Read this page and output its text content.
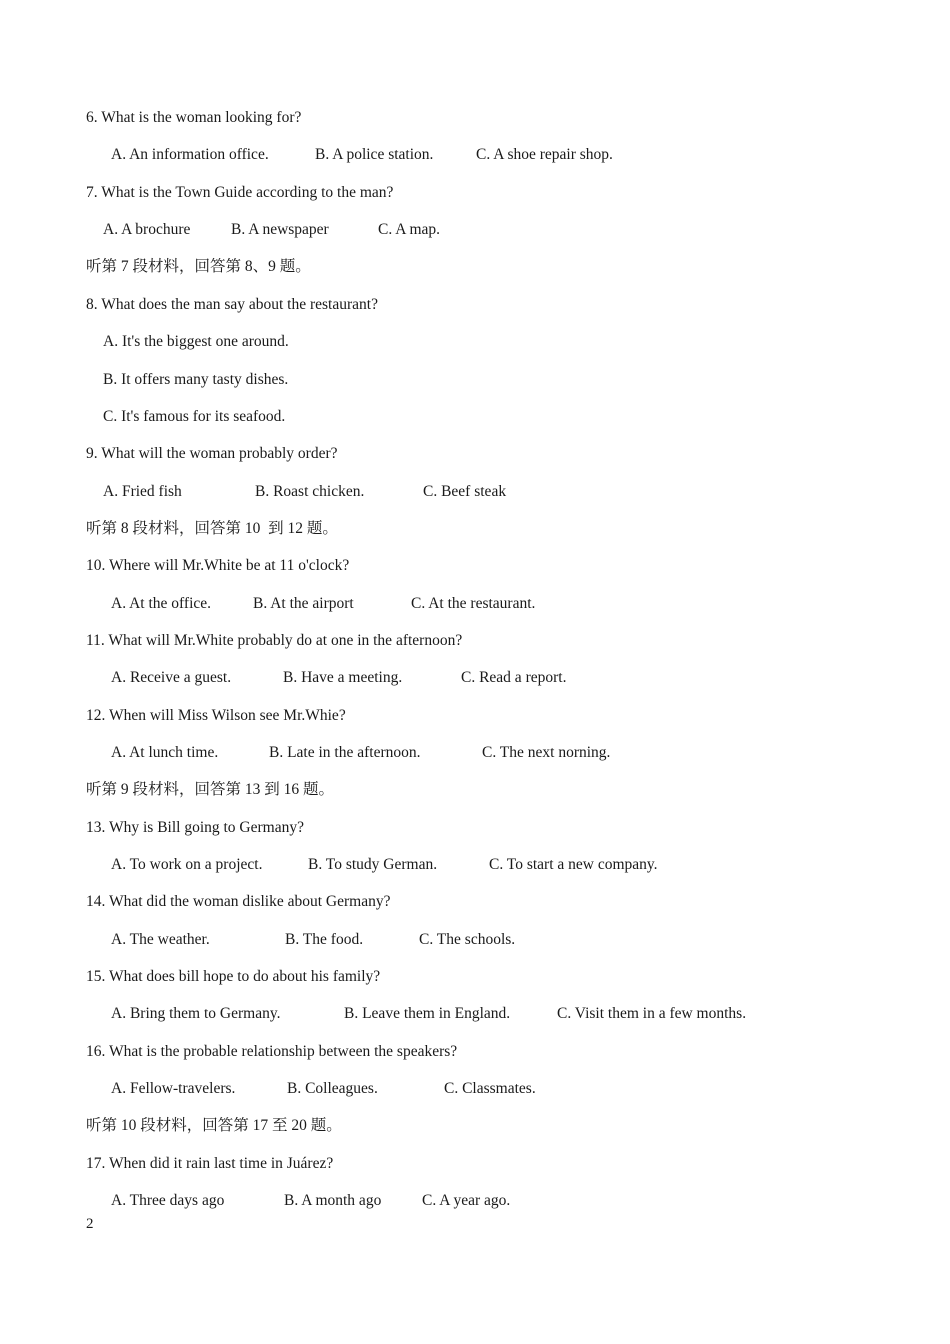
6. What is the woman looking for?
A. An information office.	B. A police station.	C. A shoe repair shop.
7. What is the Town Guide according to the man?
A. A brochure	B. A newspaper	C. A map.
听第 7 段材料，回答第 8、9 题。
8. What does the man say about the restaurant?
A. It's the biggest one around.
B. It offers many tasty dishes.
C. It's famous for its seafood.
9. What will the woman probably order?
A. Fried fish	B. Roast chicken.	C. Beef steak
听第 8 段材料，回答第 10  到 12 题。
10. Where will Mr.White be at 11 o'clock?
A. At the office.	B. At the airport	C. At the restaurant.
11. What will Mr.White probably do at one in the afternoon?
A. Receive a guest.	B. Have a meeting.	C. Read a report.
12. When will Miss Wilson see Mr.Whie?
A. At lunch time.	B. Late in the afternoon.	C. The next norning.
听第 9 段材料，回答第 13 到 16 题。
13. Why is Bill going to Germany?
A. To work on a project.	B. To study German.	C. To start a new company.
14. What did the woman dislike about Germany?
A. The weather.	B. The food.	C. The schools.
15. What does bill hope to do about his family?
A. Bring them to Germany.	B. Leave them in England.	C. Visit them in a few months.
16. What is the probable relationship between the speakers?
A. Fellow-travelers.	B. Colleagues.	C. Classmates.
听第 10 段材料，回答第 17 至 20 题。
17. When did it rain last time in Juárez?
A. Three days ago	B. A month ago	C. A year ago.
2
